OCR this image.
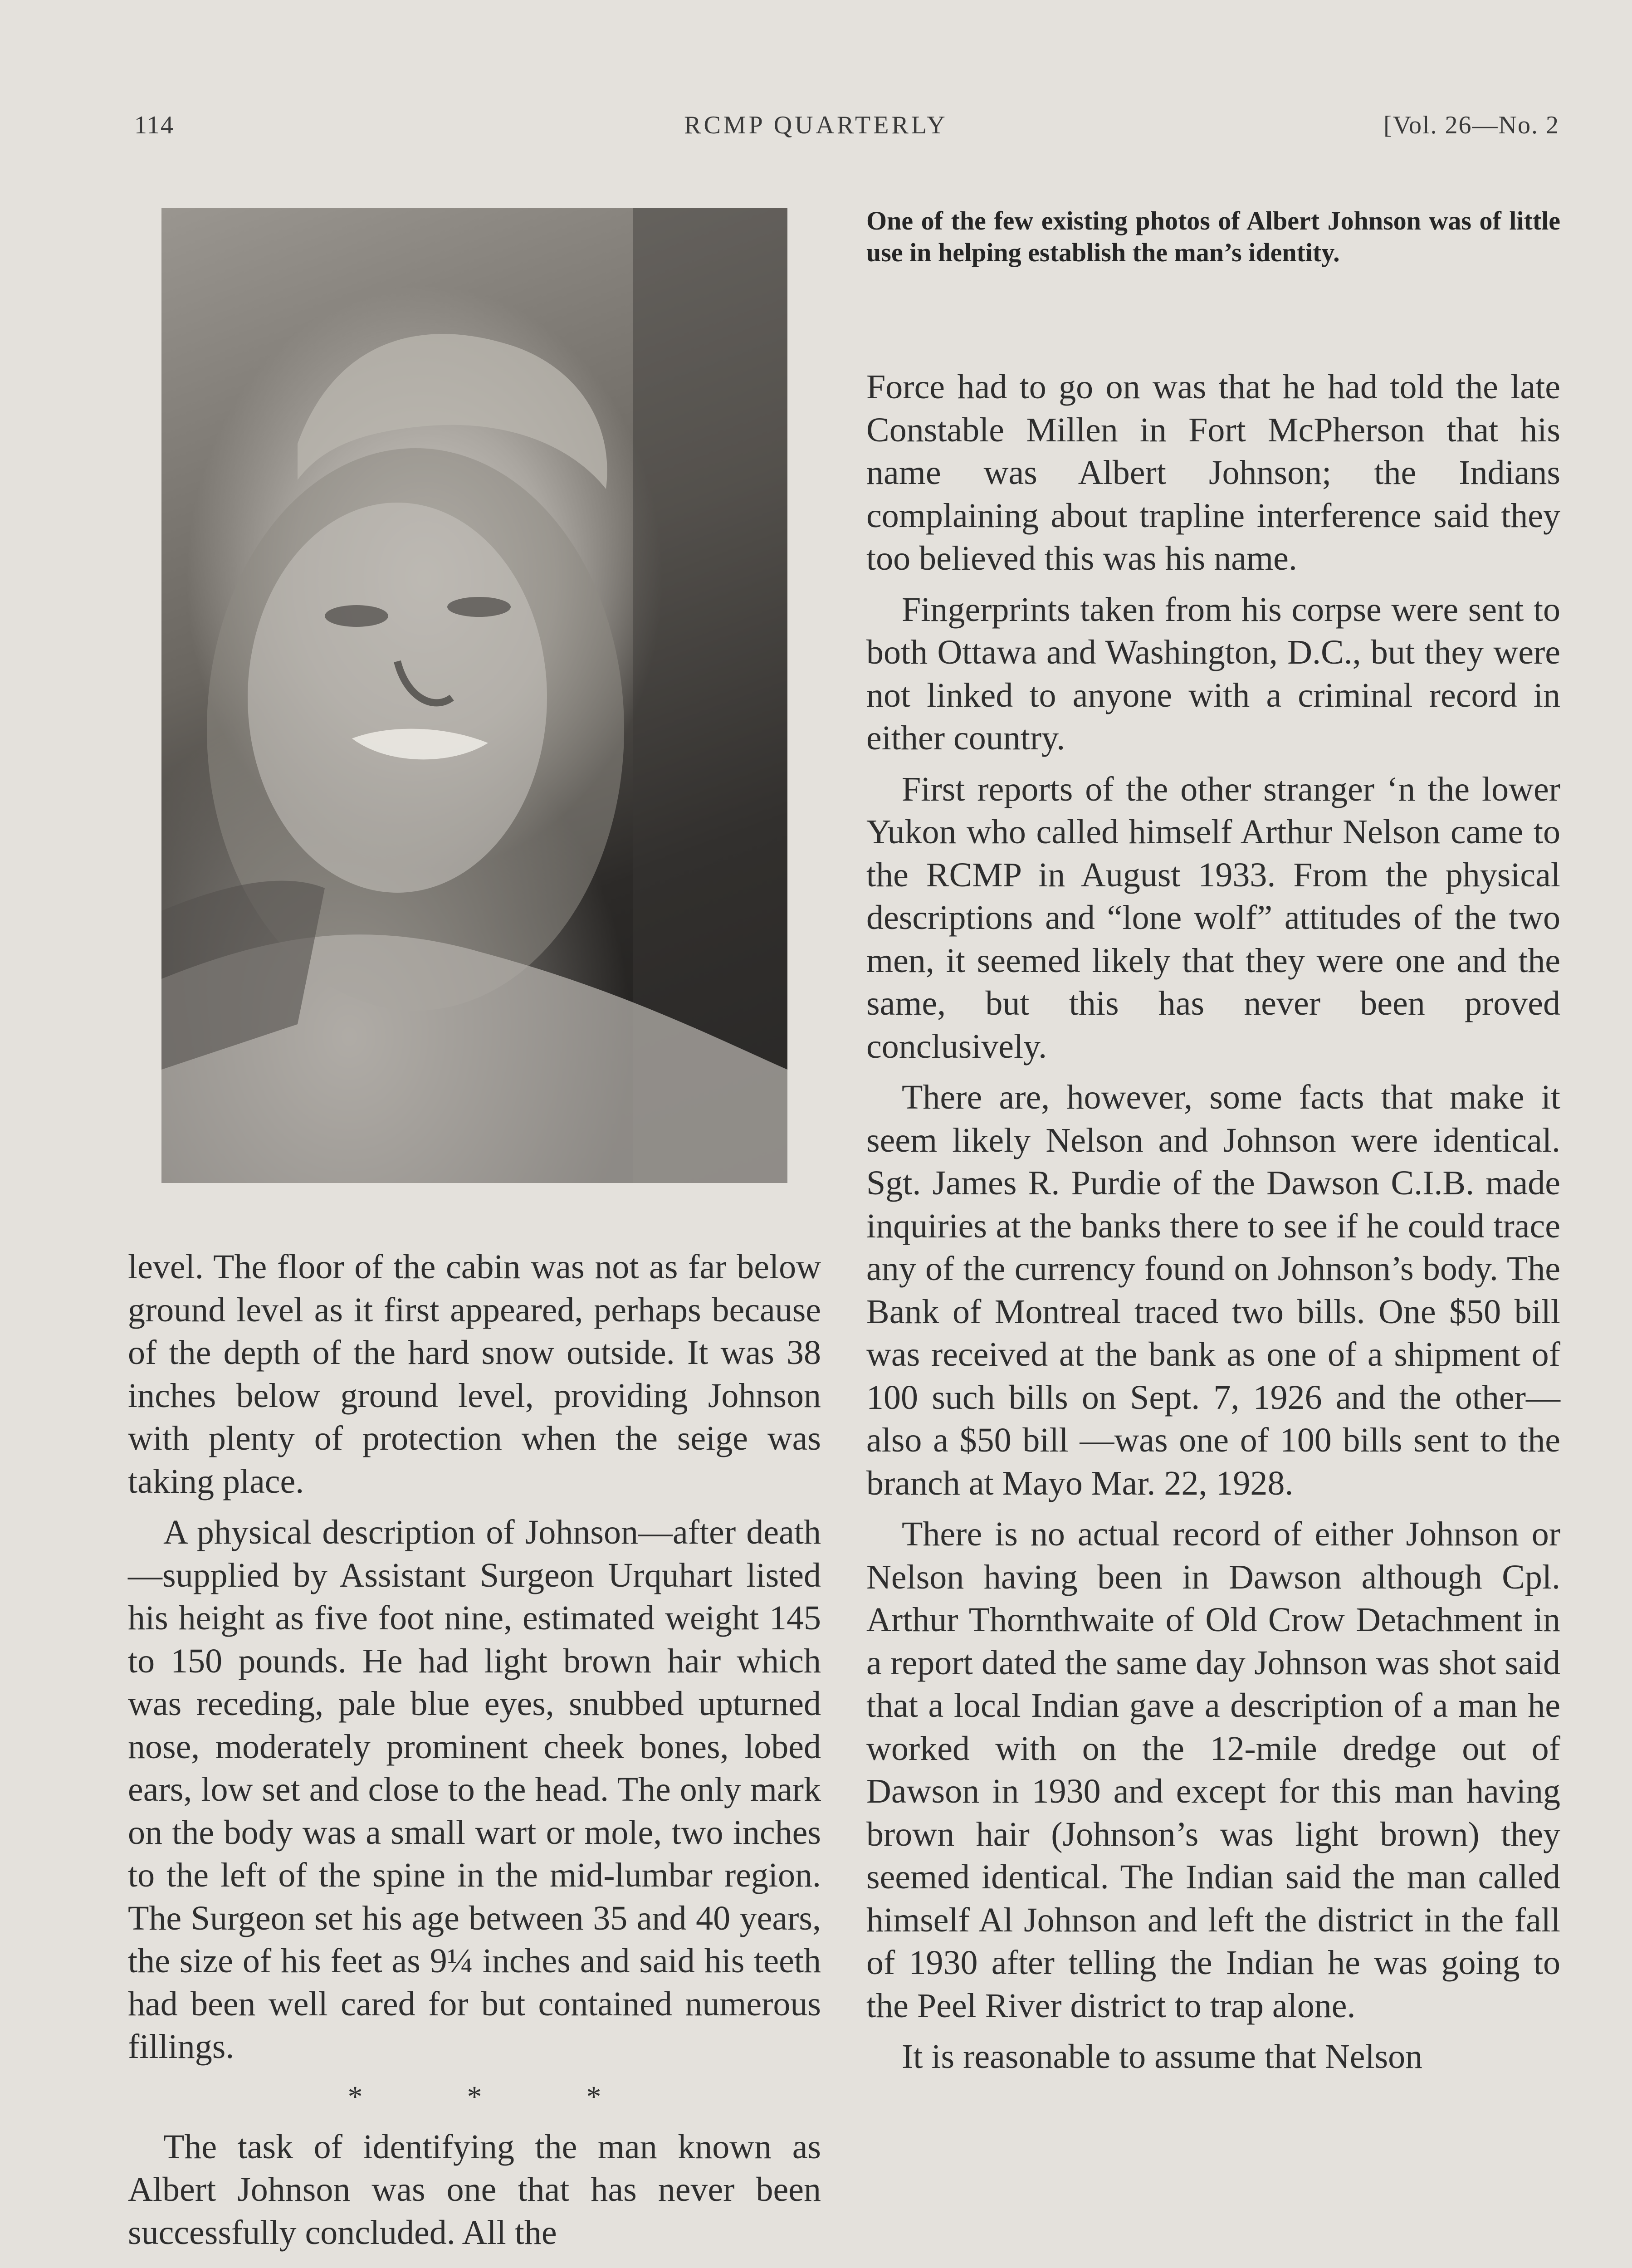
114	RCMP QUARTERLY	[Vol. 26—No. 2
One of the few existing photos of Albert Johnson was of little use in helping establish the man’s identity.

level. The floor of the cabin was not as far below ground level as it first appeared, perhaps because of the depth of the hard snow outside. It was 38 inches below ground level, providing Johnson with plenty of protection when the seige was taking place.

A physical description of Johnson—after death—supplied by Assistant Surgeon Urquhart listed his height as five foot nine, estimated weight 145 to 150 pounds. He had light brown hair which was receding, pale blue eyes, snubbed upturned nose, moderately prominent cheek bones, lobed ears, low set and close to the head. The only mark on the body was a small wart or mole, two inches to the left of the spine in the mid-lumbar region. The Surgeon set his age between 35 and 40 years, the size of his feet as 9¼ inches and said his teeth had been well cared for but contained numerous fillings.

*	*	*

The task of identifying the man known as Albert Johnson was one that has never been successfully concluded. All the

Force had to go on was that he had told the late Constable Millen in Fort McPherson that his name was Albert Johnson; the Indians complaining about trapline interference said they too believed this was his name.

Fingerprints taken from his corpse were sent to both Ottawa and Washington, D.C., but they were not linked to anyone with a criminal record in either country.

First reports of the other stranger ʻn the lower Yukon who called himself Arthur Nelson came to the RCMP in August 1933. From the physical descriptions and “lone wolf” attitudes of the two men, it seemed likely that they were one and the same, but this has never been proved conclusively.

There are, however, some facts that make it seem likely Nelson and Johnson were identical. Sgt. James R. Purdie of the Dawson C.I.B. made inquiries at the banks there to see if he could trace any of the currency found on Johnson’s body. The Bank of Montreal traced two bills. One $50 bill was received at the bank as one of a shipment of 100 such bills on Sept. 7, 1926 and the other—also a $50 bill —was one of 100 bills sent to the branch at Mayo Mar. 22, 1928.

There is no actual record of either Johnson or Nelson having been in Dawson although Cpl. Arthur Thornthwaite of Old Crow Detachment in a report dated the same day Johnson was shot said that a local Indian gave a description of a man he worked with on the 12-mile dredge out of Dawson in 1930 and except for this man having brown hair (Johnson’s was light brown) they seemed identical. The Indian said the man called himself Al Johnson and left the district in the fall of 1930 after telling the Indian he was going to the Peel River district to trap alone.

It is reasonable to assume that Nelson
